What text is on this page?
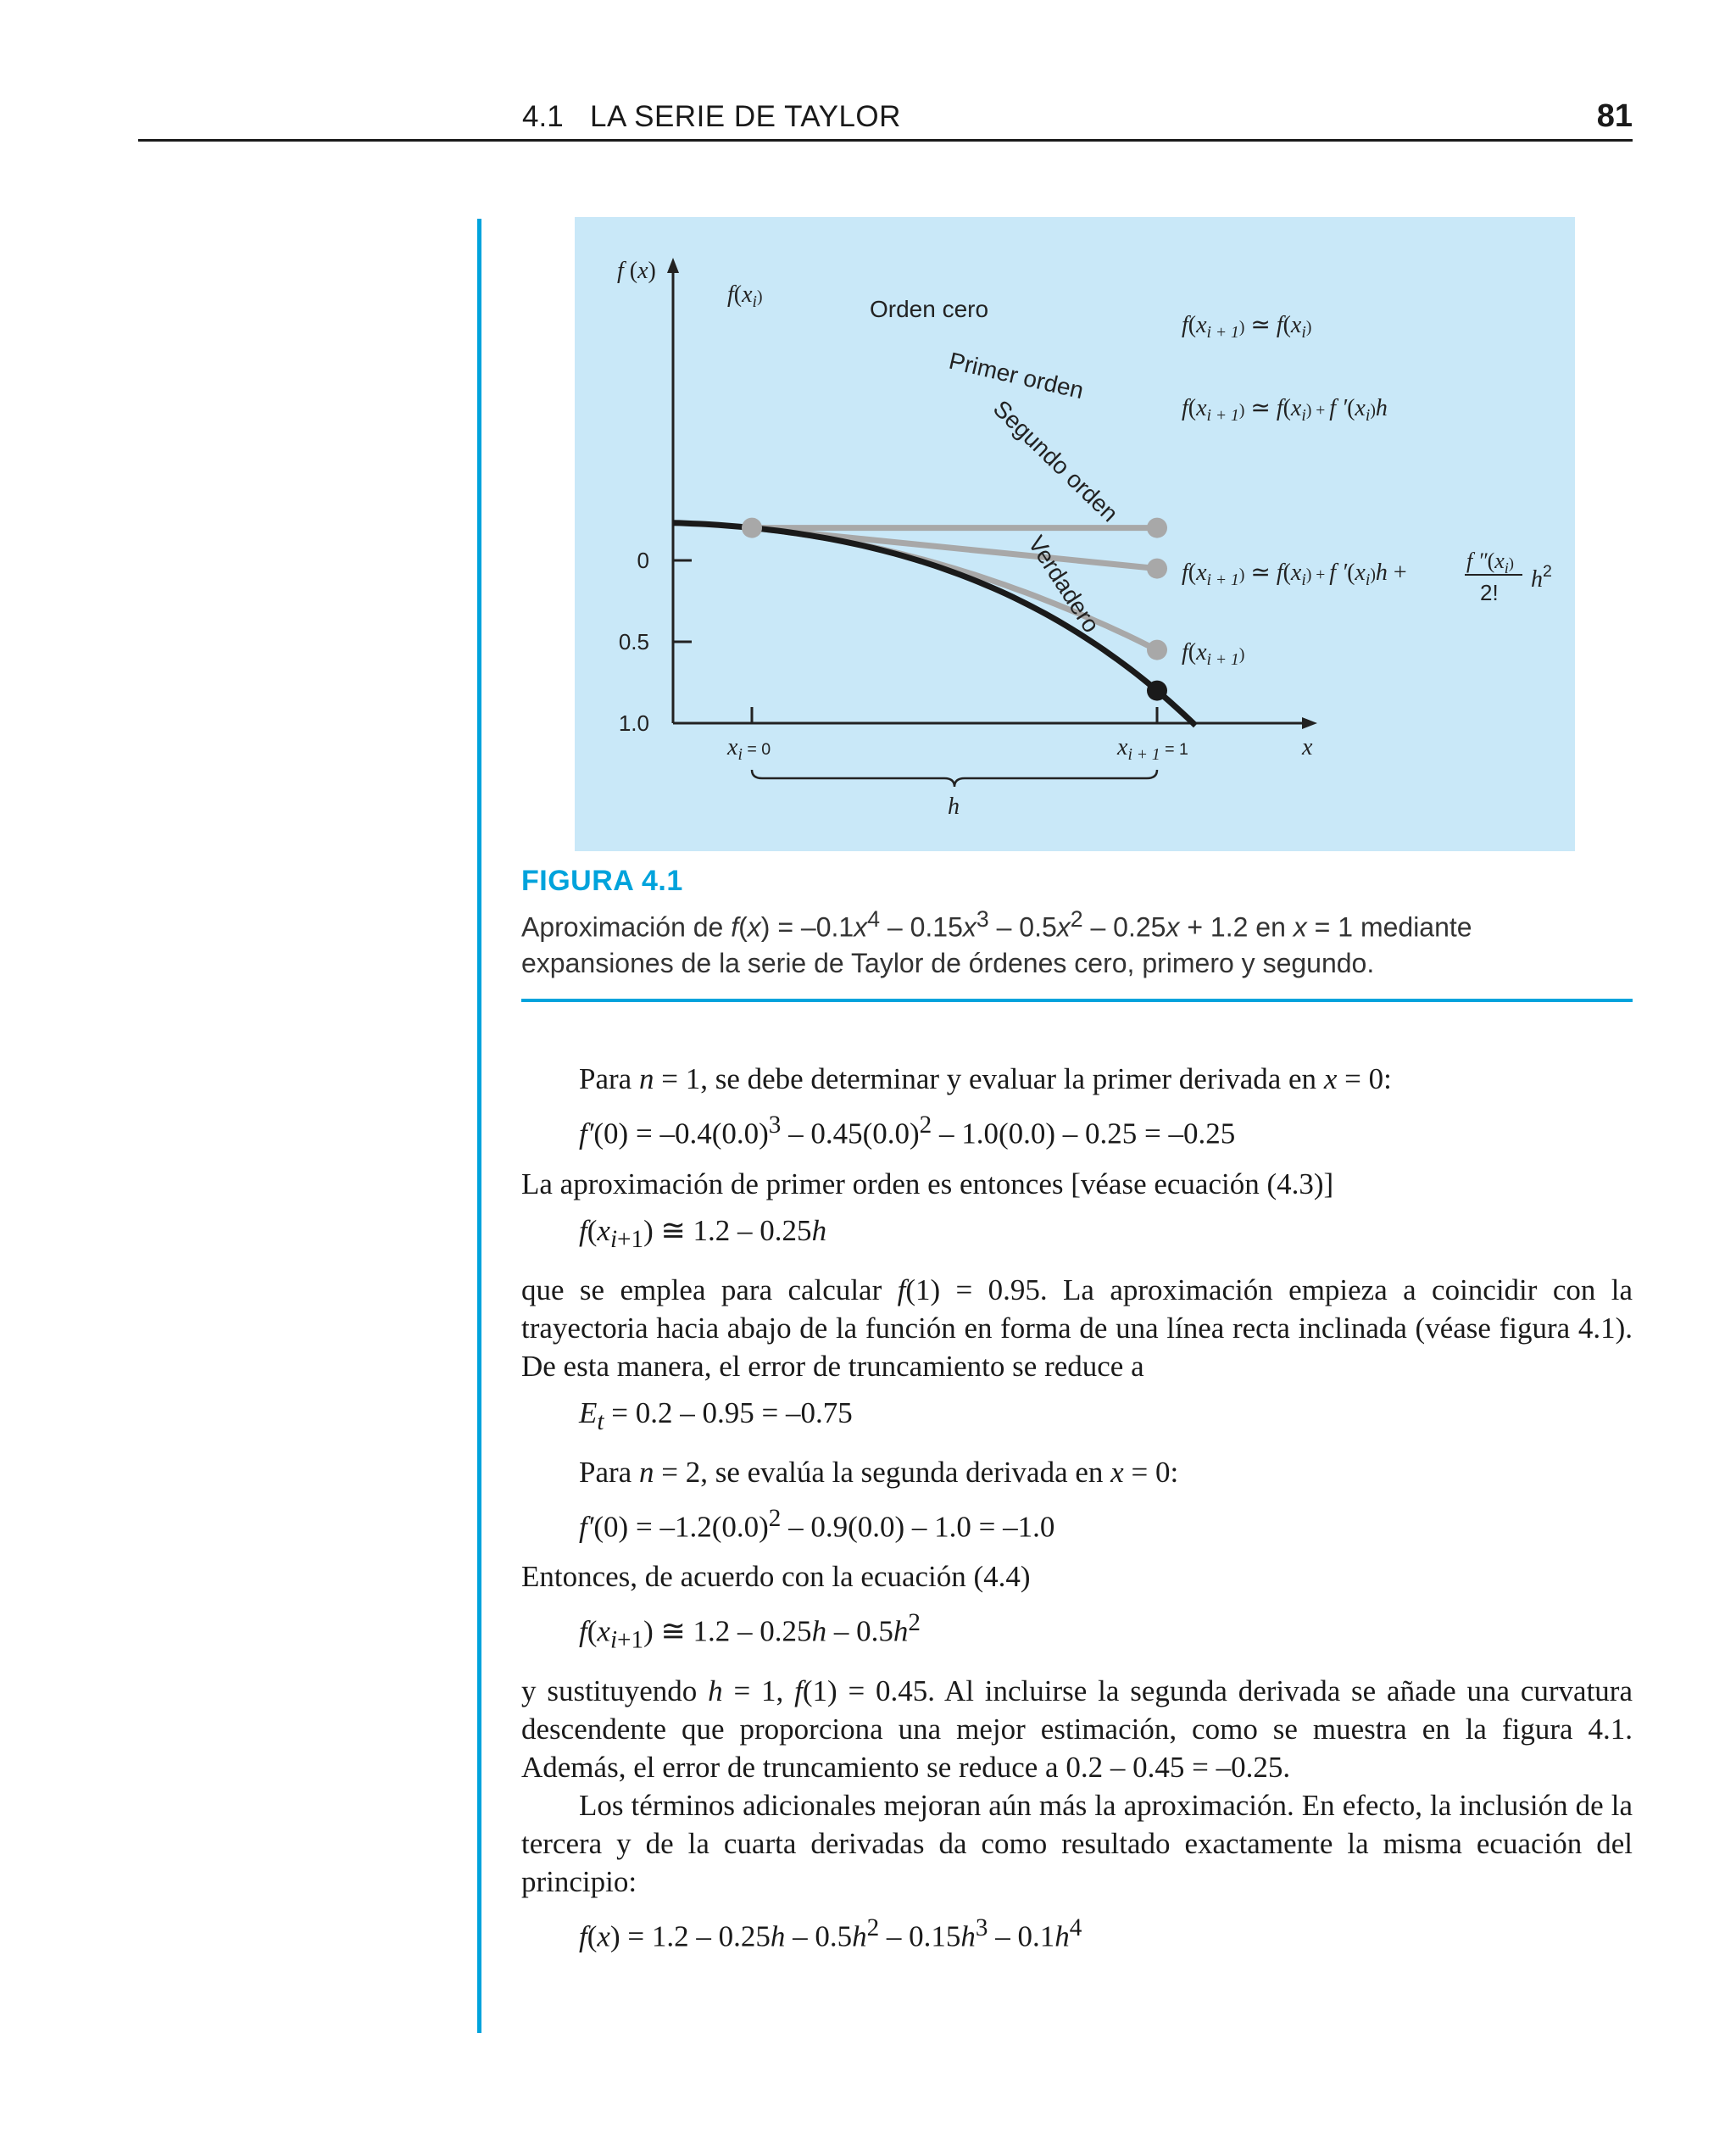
4.1 LA SERIE DE TAYLOR	81
1.0
0.5
0
f (x)
x
Orden cero
Primer orden
Segundo orden
Verdadero
$f(x_i^)$
$f(x_{i + 1}^)$ ≃ $f(x_i^)$
$f(x_{i + 1}^)$ ≃ $f(x_i^{) +}$ f $'(x_i^)h$
$f(x_{i + 1}^)$ ≃ $f(x_i^{) +}$ f $'(x_i^)h$ +	f $''(x_i^)$
2! $h^2$
$f(x_{i + 1}^)$
$x_i$ $^{= 0}$	$x_{i + 1}$ $^{= 1}$
h
FIGURA 4.1
Aproximación de $f(x) = -0.1x^4 - 0.15x^3 - 0.5x^2 - 0.25x + 1.2$ en x = 1 mediante expansiones de la serie de Taylor de órdenes cero, primero y segundo.

Para n = 1, se debe determinar y evaluar la primer derivada en x = 0:

$f'(0) = -0.4(0.0)^3 - 0.45(0.0)^2 - 1.0(0.0) - 0.25 = -0.25$

La aproximación de primer orden es entonces [véase ecuación (4.3)]

$f(x_{i+1})$ ≅ 1.2 – 0.25h

que se emplea para calcular f(1) = 0.95. La aproximación empieza a coincidir con la trayectoria hacia abajo de la función en forma de una línea recta inclinada (véase figura 4.1). De esta manera, el error de truncamiento se reduce a

$E_t = 0.2 - 0.95 = -0.75$

Para n = 2, se evalúa la segunda derivada en x = 0:

$f'(0) = -1.2(0.0)^2 - 0.9(0.0) - 1.0 = -1.0$

Entonces, de acuerdo con la ecuación (4.4)

$f(x_{i+1})$ ≅ $1.2 - 0.25h - 0.5h^2$

y sustituyendo h = 1, f(1) = 0.45. Al incluirse la segunda derivada se añade una curvatura descendente que proporciona una mejor estimación, como se muestra en la figura 4.1. Además, el error de truncamiento se reduce a 0.2 – 0.45 = –0.25.

Los términos adicionales mejoran aún más la aproximación. En efecto, la inclusión de la tercera y de la cuarta derivadas da como resultado exactamente la misma ecuación del principio:

$f(x) = 1.2 - 0.25h - 0.5h^2 - 0.15h^3 - 0.1h^4$
